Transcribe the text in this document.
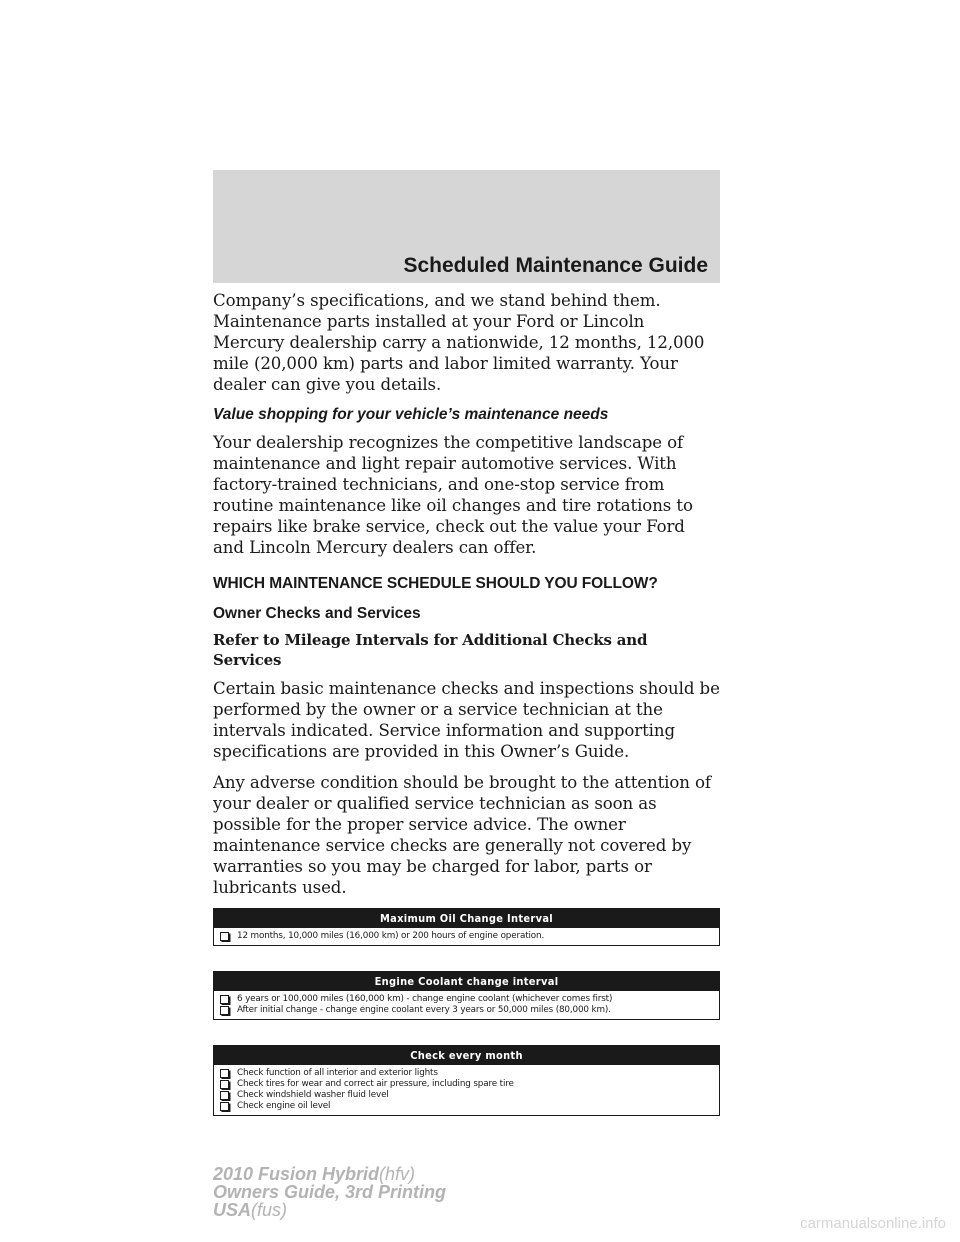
Scheduled Maintenance Guide

Company’s specifications, and we stand behind them. Maintenance parts installed at your Ford or Lincoln Mercury dealership carry a nationwide, 12 months, 12,000 mile (20,000 km) parts and labor limited warranty. Your dealer can give you details.

Value shopping for your vehicle’s maintenance needs

Your dealership recognizes the competitive landscape of maintenance and light repair automotive services. With factory-trained technicians, and one-stop service from routine maintenance like oil changes and tire rotations to repairs like brake service, check out the value your Ford and Lincoln Mercury dealers can offer.

WHICH MAINTENANCE SCHEDULE SHOULD YOU FOLLOW?
Owner Checks and Services
Refer to Mileage Intervals for Additional Checks and Services

Certain basic maintenance checks and inspections should be performed by the owner or a service technician at the intervals indicated. Service information and supporting specifications are provided in this Owner’s Guide.

Any adverse condition should be brought to the attention of your dealer or qualified service technician as soon as possible for the proper service advice. The owner maintenance service checks are generally not covered by warranties so you may be charged for labor, parts or lubricants used.

Maximum Oil Change Interval
12 months, 10,000 miles (16,000 km) or 200 hours of engine operation.
Engine Coolant change interval
6 years or 100,000 miles (160,000 km) - change engine coolant (whichever comes first)
After initial change - change engine coolant every 3 years or 50,000 miles (80,000 km).
Check every month
Check function of all interior and exterior lights
Check tires for wear and correct air pressure, including spare tire
Check windshield washer fluid level
Check engine oil level
311
2010 Fusion Hybrid(hfv)
Owners Guide, 3rd Printing
USA(fus)
carmanualsonline.info
